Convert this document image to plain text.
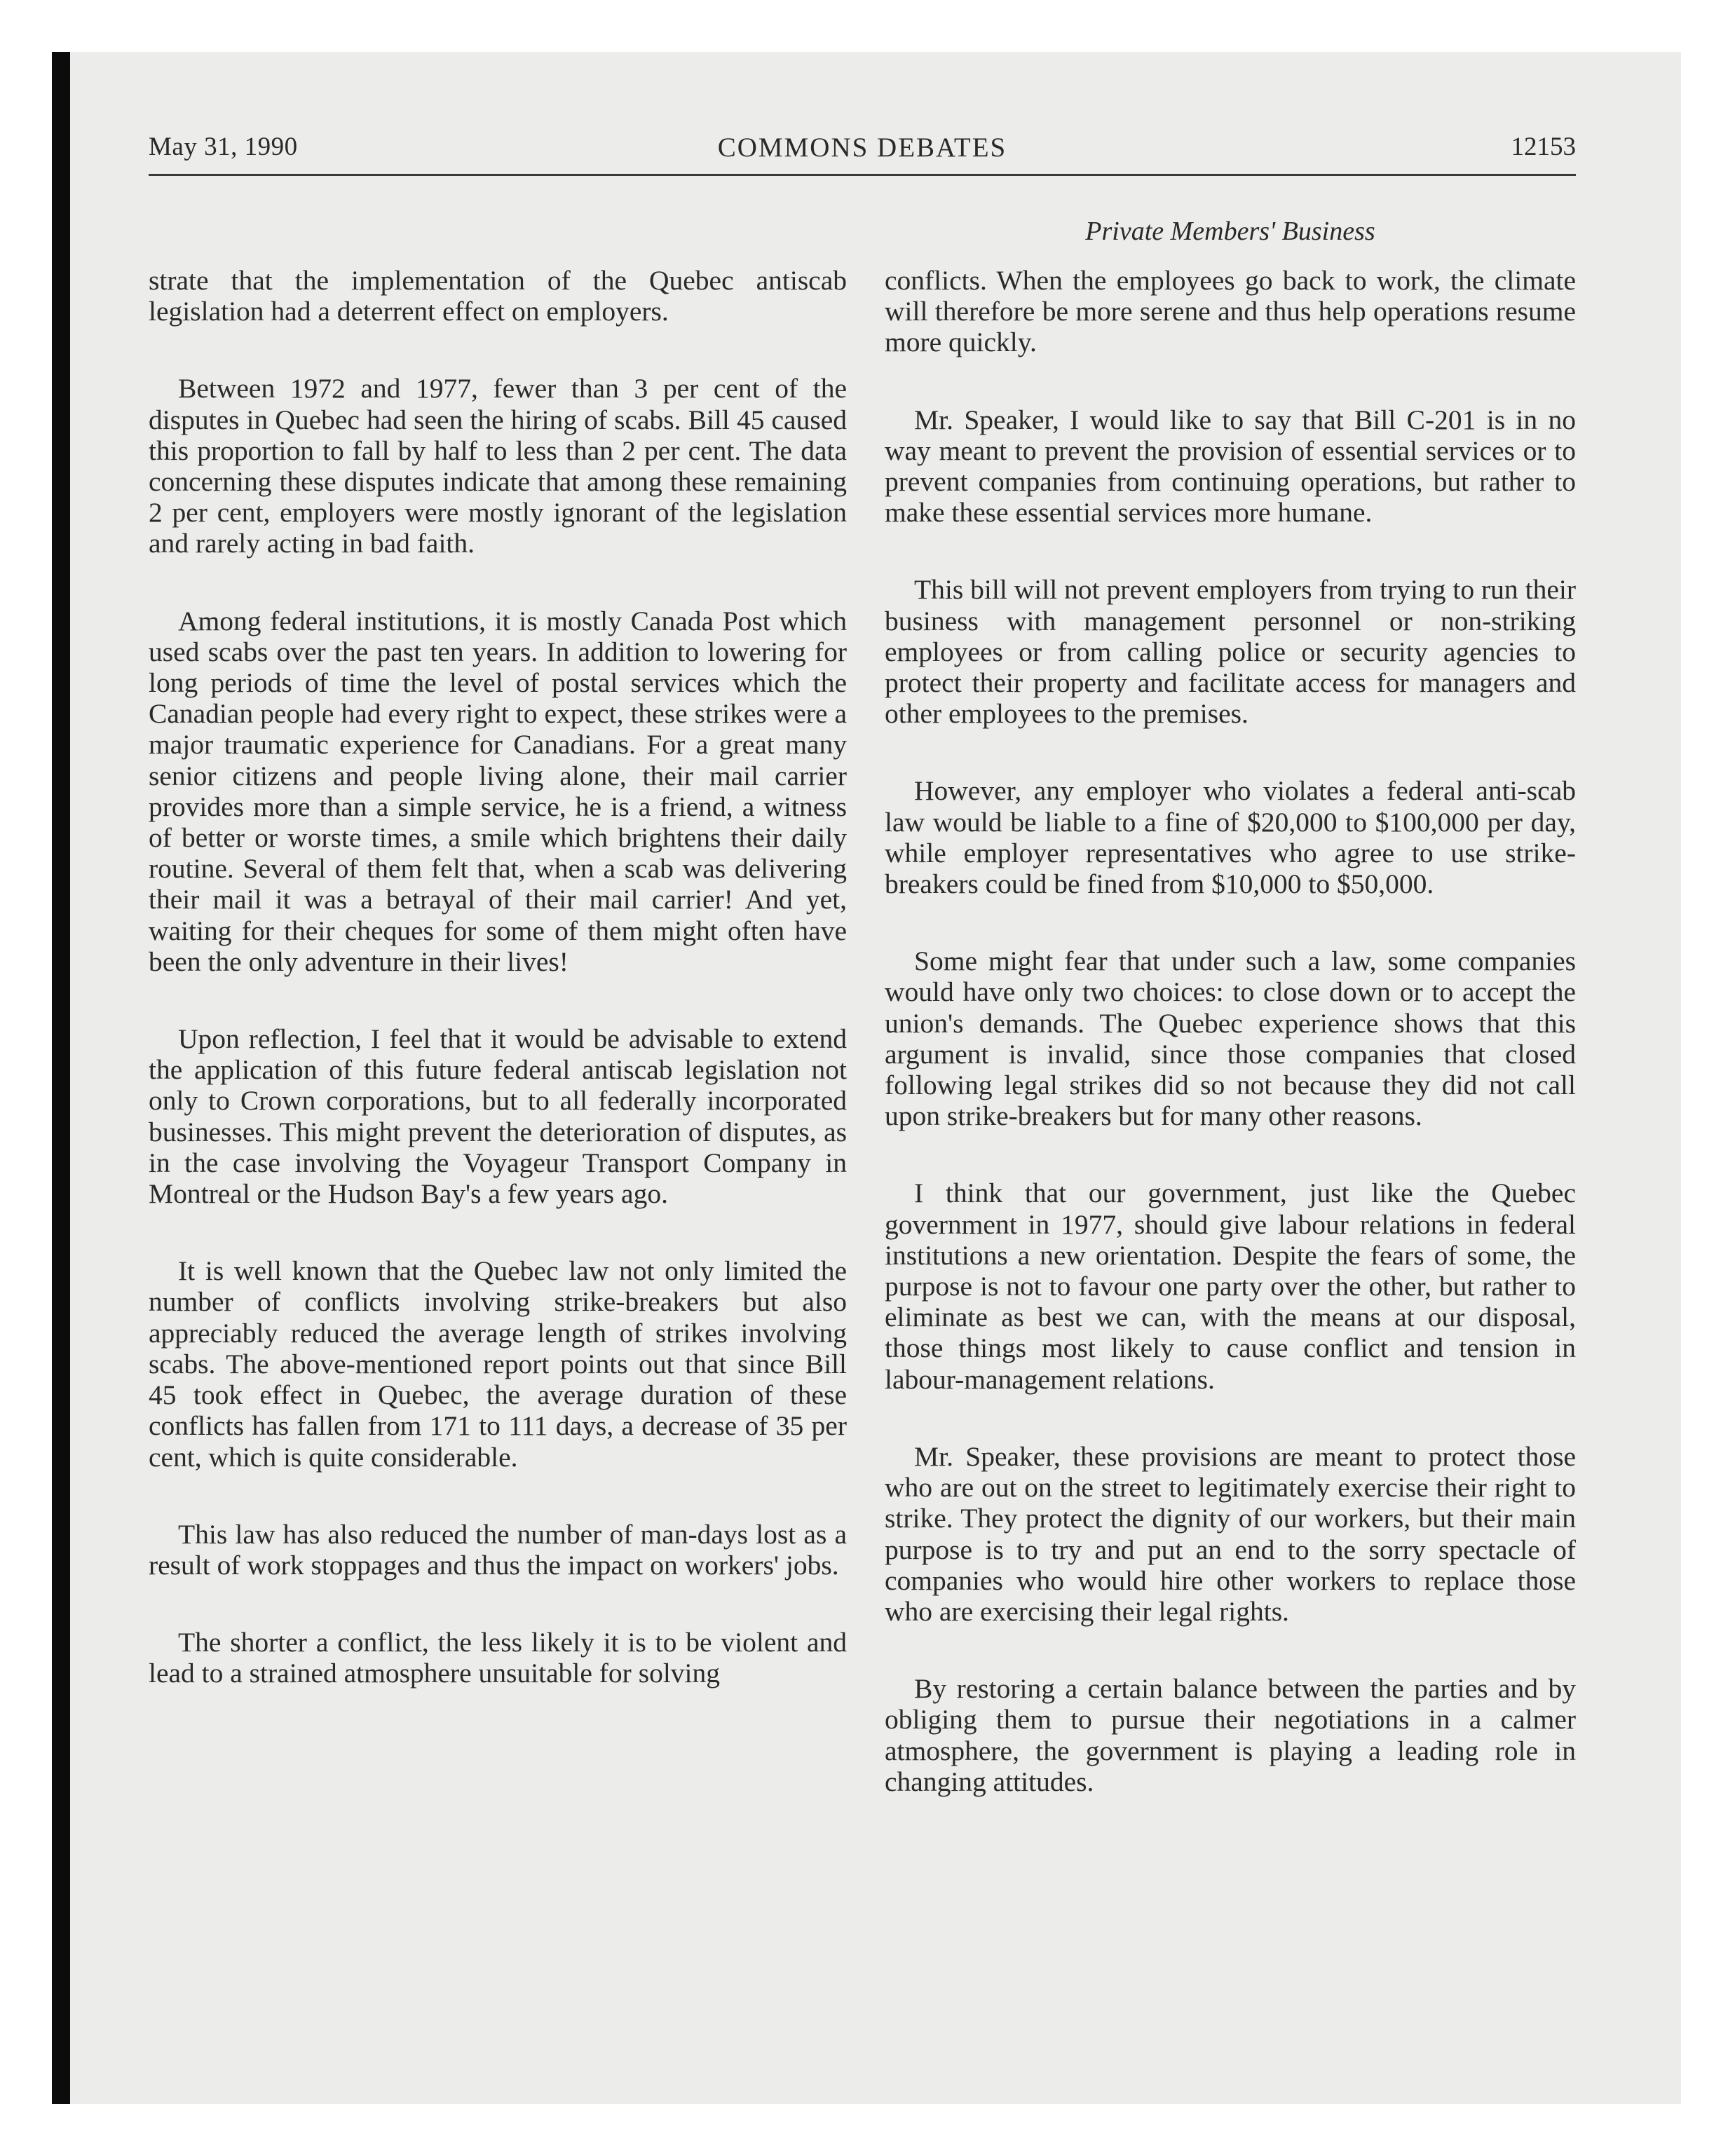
May 31, 1990	COMMONS DEBATES	12153
Private Members' Business

strate that the implementation of the Quebec antiscab legislation had a deterrent effect on employers.

Between 1972 and 1977, fewer than 3 per cent of the disputes in Quebec had seen the hiring of scabs. Bill 45 caused this proportion to fall by half to less than 2 per cent. The data concerning these disputes indicate that among these remaining 2 per cent, employers were mostly ignorant of the legislation and rarely acting in bad faith.

Among federal institutions, it is mostly Canada Post which used scabs over the past ten years. In addition to lowering for long periods of time the level of postal services which the Canadian people had every right to expect, these strikes were a major traumatic experience for Canadians. For a great many senior citizens and people living alone, their mail carrier provides more than a simple service, he is a friend, a witness of better or worste times, a smile which brightens their daily routine. Several of them felt that, when a scab was delivering their mail it was a betrayal of their mail carrier! And yet, waiting for their cheques for some of them might often have been the only adventure in their lives!

Upon reflection, I feel that it would be advisable to extend the application of this future federal antiscab legislation not only to Crown corporations, but to all federally incorporated businesses. This might prevent the deterioration of disputes, as in the case involving the Voyageur Transport Company in Montreal or the Hudson Bay's a few years ago.

It is well known that the Quebec law not only limited the number of conflicts involving strike-breakers but also appreciably reduced the average length of strikes involving scabs. The above-mentioned report points out that since Bill 45 took effect in Quebec, the average duration of these conflicts has fallen from 171 to 111 days, a decrease of 35 per cent, which is quite considerable.

This law has also reduced the number of man-days lost as a result of work stoppages and thus the impact on workers' jobs.

The shorter a conflict, the less likely it is to be violent and lead to a strained atmosphere unsuitable for solving

conflicts. When the employees go back to work, the climate will therefore be more serene and thus help operations resume more quickly.

Mr. Speaker, I would like to say that Bill C-201 is in no way meant to prevent the provision of essential services or to prevent companies from continuing operations, but rather to make these essential services more humane.

This bill will not prevent employers from trying to run their business with management personnel or non-striking employees or from calling police or security agencies to protect their property and facilitate access for managers and other employees to the premises.

However, any employer who violates a federal anti-scab law would be liable to a fine of $20,000 to $100,000 per day, while employer representatives who agree to use strike-breakers could be fined from $10,000 to $50,000.

Some might fear that under such a law, some companies would have only two choices: to close down or to accept the union's demands. The Quebec experience shows that this argument is invalid, since those companies that closed following legal strikes did so not because they did not call upon strike-breakers but for many other reasons.

I think that our government, just like the Quebec government in 1977, should give labour relations in federal institutions a new orientation. Despite the fears of some, the purpose is not to favour one party over the other, but rather to eliminate as best we can, with the means at our disposal, those things most likely to cause conflict and tension in labour-management relations.

Mr. Speaker, these provisions are meant to protect those who are out on the street to legitimately exercise their right to strike. They protect the dignity of our workers, but their main purpose is to try and put an end to the sorry spectacle of companies who would hire other workers to replace those who are exercising their legal rights.

By restoring a certain balance between the parties and by obliging them to pursue their negotiations in a calmer atmosphere, the government is playing a leading role in changing attitudes.
